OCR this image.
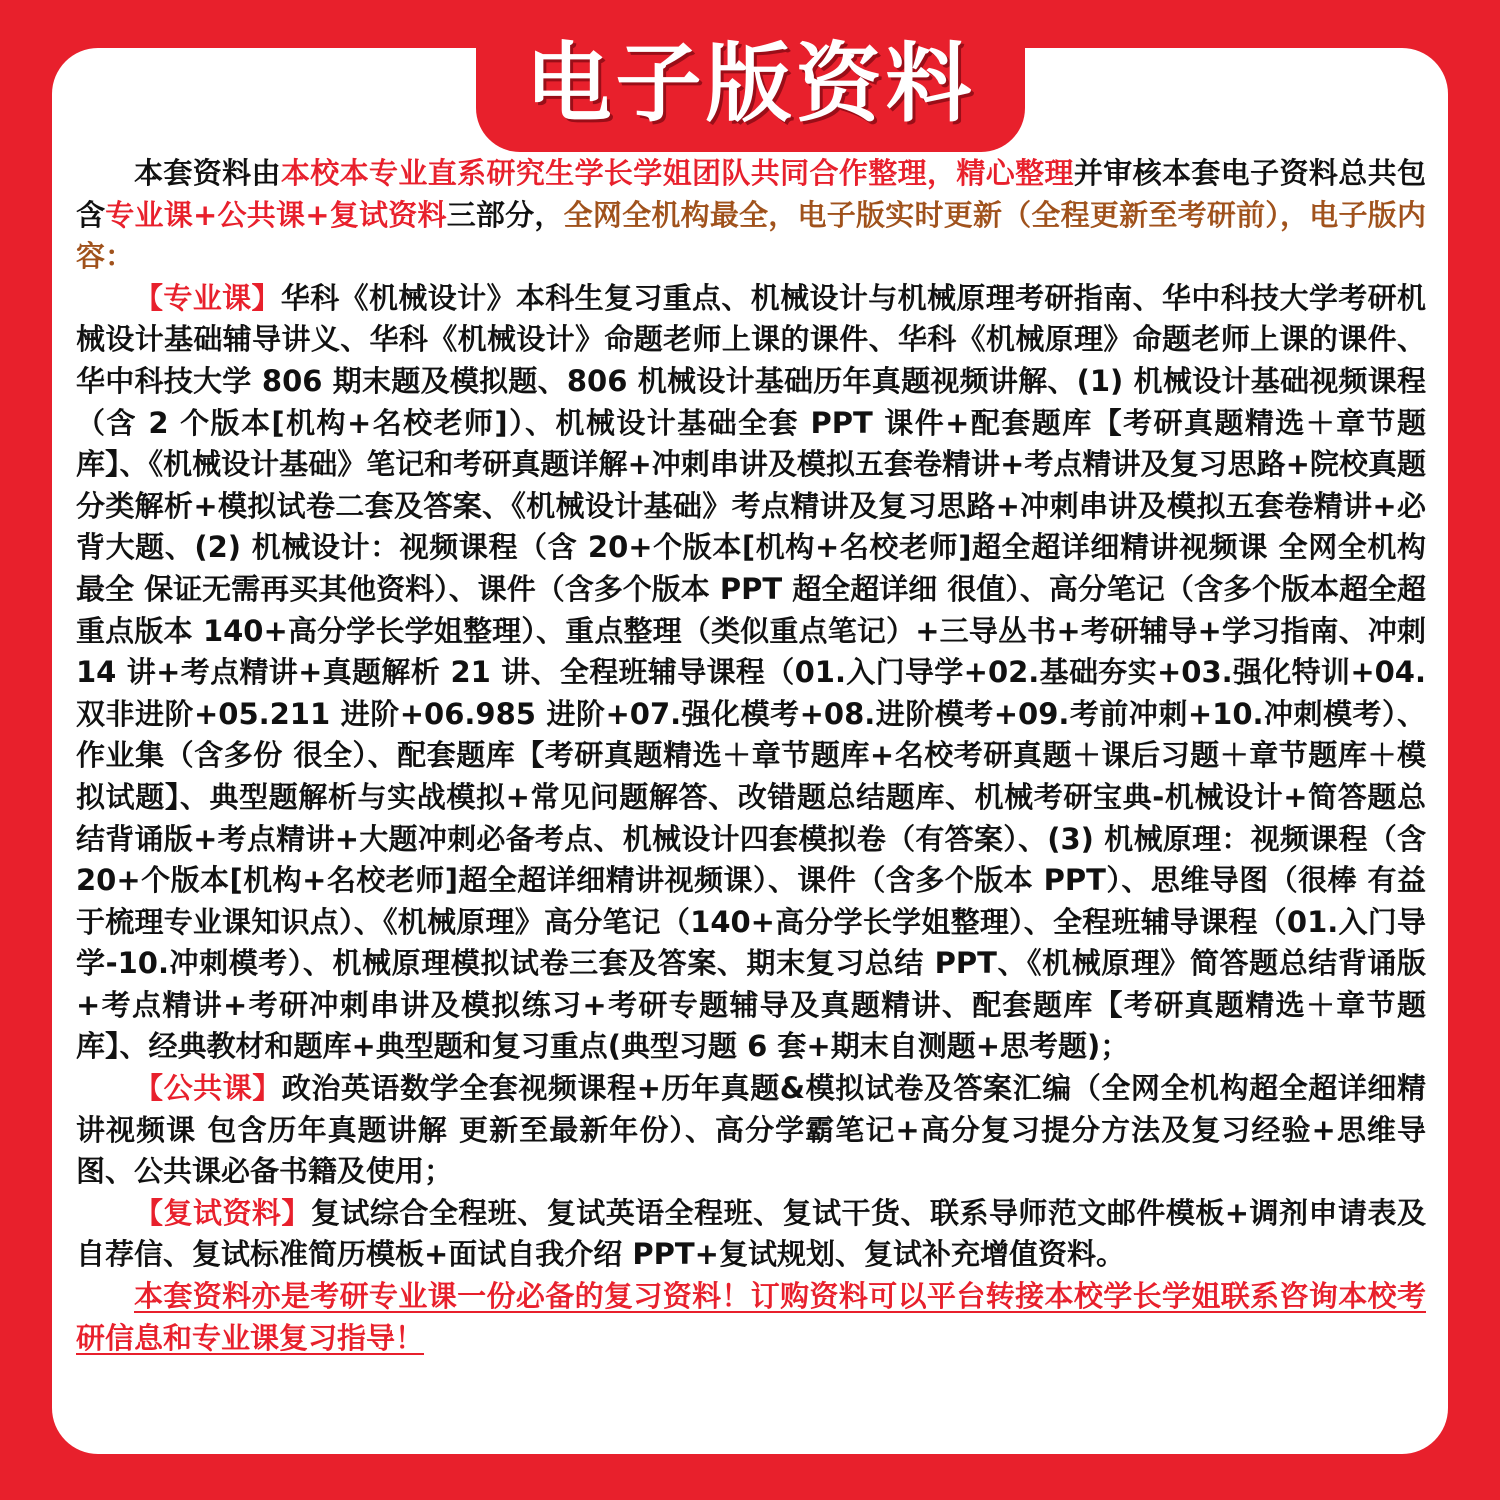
电子版资料

本套资料由本校本专业直系研究生学长学姐团队共同合作整理，精心整理并审核本套电子资料总共包含专业课+公共课+复试资料三部分，全网全机构最全，电子版实时更新（全程更新至考研前），电子版内容：

【专业课】华科《机械设计》本科生复习重点、机械设计与机械原理考研指南、华中科技大学考研机械设计基础辅导讲义、华科《机械设计》命题老师上课的课件、华科《机械原理》命题老师上课的课件、华中科技大学 806 期末题及模拟题、806 机械设计基础历年真题视频讲解、(1) 机械设计基础视频课程（含 2 个版本[机构+名校老师]）、机械设计基础全套 PPT 课件+配套题库【考研真题精选＋章节题库】、《机械设计基础》笔记和考研真题详解+冲刺串讲及模拟五套卷精讲+考点精讲及复习思路+院校真题分类解析+模拟试卷二套及答案、《机械设计基础》考点精讲及复习思路+冲刺串讲及模拟五套卷精讲+必背大题、(2) 机械设计：视频课程（含 20+个版本[机构+名校老师]超全超详细精讲视频课 全网全机构最全 保证无需再买其他资料）、课件（含多个版本 PPT 超全超详细 很值）、高分笔记（含多个版本超全超重点版本 140+高分学长学姐整理）、重点整理（类似重点笔记）+三导丛书+考研辅导+学习指南、冲刺 14 讲+考点精讲+真题解析 21 讲、全程班辅导课程（01.入门导学+02.基础夯实+03.强化特训+04.双非进阶+05.211 进阶+06.985 进阶+07.强化模考+08.进阶模考+09.考前冲刺+10.冲刺模考）、作业集（含多份 很全）、配套题库【考研真题精选＋章节题库+名校考研真题＋课后习题＋章节题库＋模拟试题】、典型题解析与实战模拟+常见问题解答、改错题总结题库、机械考研宝典-机械设计+简答题总结背诵版+考点精讲+大题冲刺必备考点、机械设计四套模拟卷（有答案）、(3) 机械原理：视频课程（含 20+个版本[机构+名校老师]超全超详细精讲视频课）、课件（含多个版本 PPT）、思维导图（很棒 有益于梳理专业课知识点）、《机械原理》高分笔记（140+高分学长学姐整理）、全程班辅导课程（01.入门导学-10.冲刺模考）、机械原理模拟试卷三套及答案、期末复习总结 PPT、《机械原理》简答题总结背诵版+考点精讲+考研冲刺串讲及模拟练习+考研专题辅导及真题精讲、配套题库【考研真题精选＋章节题库】、经典教材和题库+典型题和复习重点(典型习题 6 套+期末自测题+思考题)；

【公共课】政治英语数学全套视频课程+历年真题&模拟试卷及答案汇编（全网全机构超全超详细精讲视频课 包含历年真题讲解 更新至最新年份）、高分学霸笔记+高分复习提分方法及复习经验+思维导图、公共课必备书籍及使用；

【复试资料】复试综合全程班、复试英语全程班、复试干货、联系导师范文邮件模板+调剂申请表及自荐信、复试标准简历模板+面试自我介绍 PPT+复试规划、复试补充增值资料。

本套资料亦是考研专业课一份必备的复习资料！订购资料可以平台转接本校学长学姐联系咨询本校考研信息和专业课复习指导！
